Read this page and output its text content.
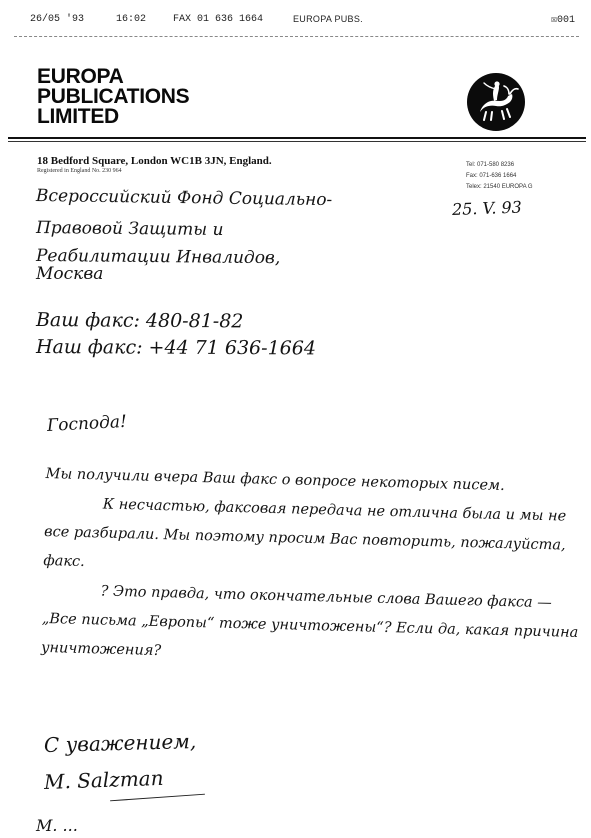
26/05 '93	16:02	FAX 01 636 1664	EUROPA PUBS.	☒001
EUROPA
PUBLICATIONS
LIMITED
18 Bedford Square, London WC1B 3JN, England.
Registered in England No. 230 964
Tel: 071-580 8236
Fax: 071-636 1664
Telex: 21540 EUROPA G
Всероссийский Фонд Социально-
Правовой Защиты и
Реабилитации Инвалидов,
Москва
25. V. 93
Ваш факс: 480-81-82
Наш факс: +44 71 636-1664
Господа!

Мы получили вчера Ваш факс о вопросе некоторых писем.

К несчастью, факсовая передача не отлична была и мы не все разбирали. Мы поэтому просим Вас повторить, пожалуйста, факс.

? Это правда, что окончательные слова Вашего факса — „Все письма „Европы“ тоже уничтожены“? Если да, какая причина уничтожения?

С уважением,
М. Salzman
М. ...
